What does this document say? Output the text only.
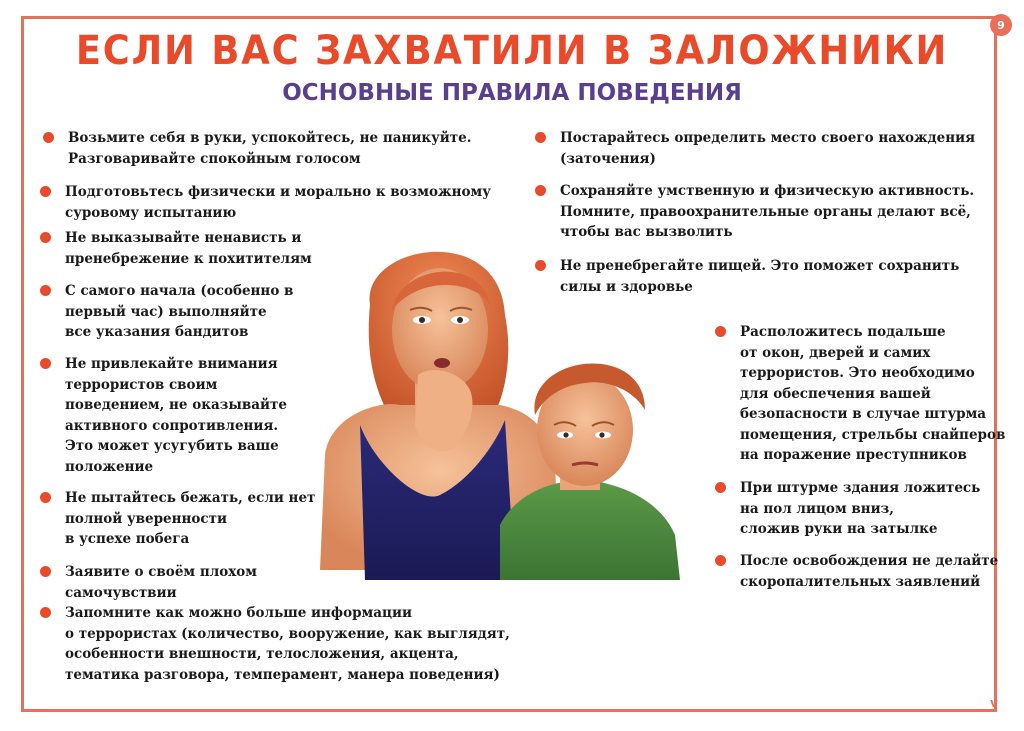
9
v
ЕСЛИ ВАС ЗАХВАТИЛИ В ЗАЛОЖНИКИ
ОСНОВНЫЕ ПРАВИЛА ПОВЕДЕНИЯ
Возьмите себя в руки, успокойтесь, не паникуйте.
Разговаривайте спокойным голосом
Подготовьтесь физически и морально к возможному
суровому испытанию
Не выказывайте ненависть и
пренебрежение к похитителям
С самого начала (особенно в
первый час) выполняйте
все указания бандитов
Не привлекайте внимания
террористов своим
поведением, не оказывайте
активного сопротивления.
Это может усугубить ваше
положение
Не пытайтесь бежать, если нет
полной уверенности
в успехе побега
Заявите о своём плохом
самочувствии
Запомните как можно больше информации
о террористах (количество, вооружение, как выглядят,
особенности внешности, телосложения, акцента,
тематика разговора, темперамент, манера поведения)
Постарайтесь определить место своего нахождения
(заточения)
Сохраняйте умственную и физическую активность.
Помните, правоохранительные органы делают всё,
чтобы вас вызволить
Не пренебрегайте пищей. Это поможет сохранить
силы и здоровье
Расположитесь подальше
от окон, дверей и самих
террористов. Это необходимо
для обеспечения вашей
безопасности в случае штурма
помещения, стрельбы снайперов
на поражение преступников
При штурме здания ложитесь
на пол лицом вниз,
сложив руки на затылке
После освобождения не делайте
скоропалительных заявлений
